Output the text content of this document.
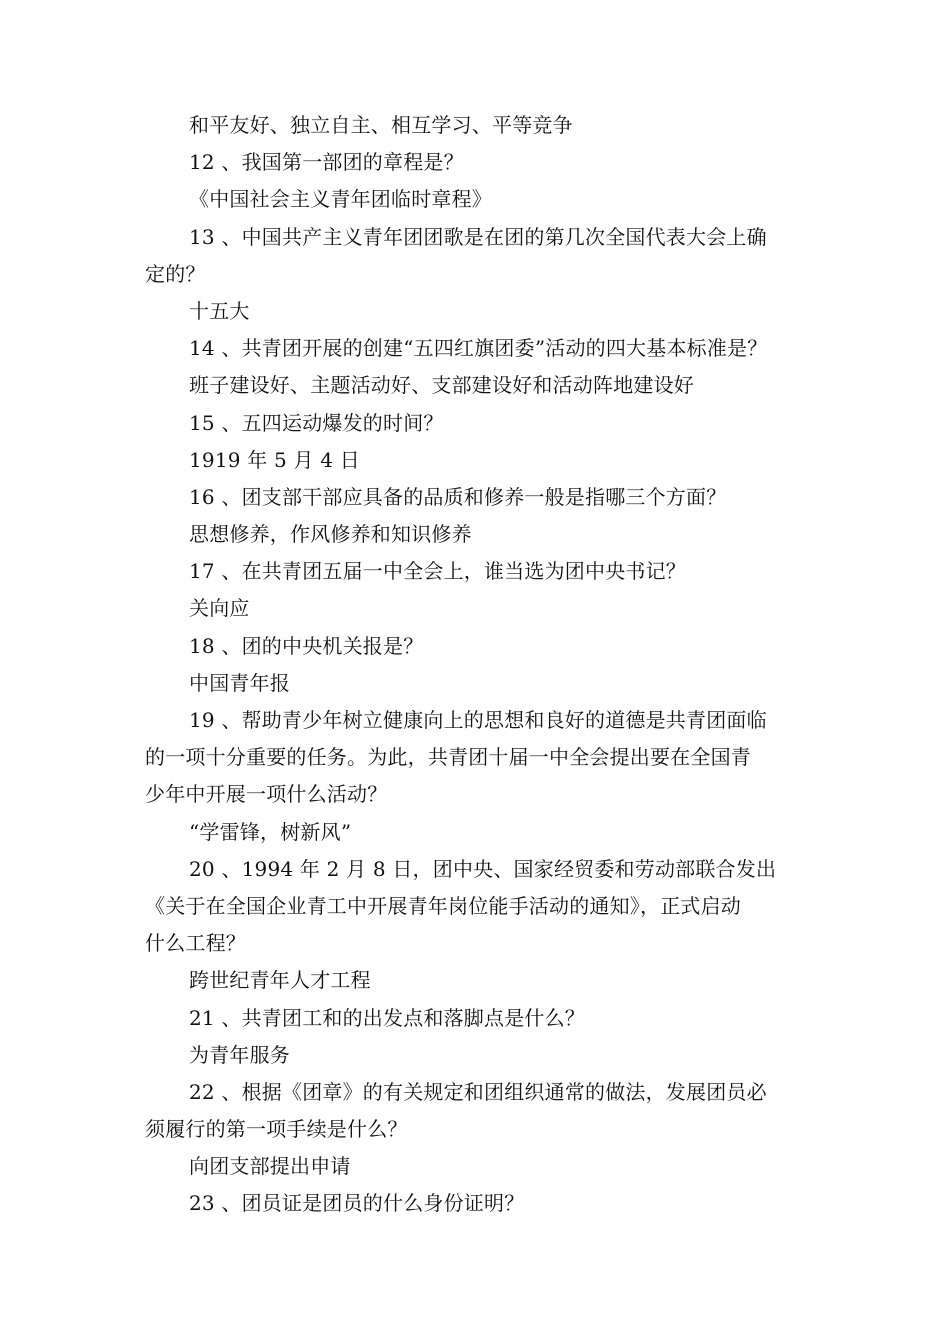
和平友好、独立自主、相互学习、平等竞争
12 、我国第一部团的章程是？
《中国社会主义青年团临时章程》
13 、中国共产主义青年团团歌是在团的第几次全国代表大会上确
定的？
十五大
14 、共青团开展的创建“五四红旗团委”活动的四大基本标准是？
班子建设好、主题活动好、支部建设好和活动阵地建设好
15 、五四运动爆发的时间？
1919 年 5 月 4 日
16 、团支部干部应具备的品质和修养一般是指哪三个方面？
思想修养，作风修养和知识修养
17 、在共青团五届一中全会上，谁当选为团中央书记？
关向应
18 、团的中央机关报是？
中国青年报
19 、帮助青少年树立健康向上的思想和良好的道德是共青团面临
的一项十分重要的任务。为此，共青团十届一中全会提出要在全国青
少年中开展一项什么活动？
“学雷锋，树新风”
20 、1994 年 2 月 8 日，团中央、国家经贸委和劳动部联合发出
《关于在全国企业青工中开展青年岗位能手活动的通知》，正式启动
什么工程？
跨世纪青年人才工程
21 、共青团工和的出发点和落脚点是什么？
为青年服务
22 、根据《团章》的有关规定和团组织通常的做法，发展团员必
须履行的第一项手续是什么？
向团支部提出申请
23 、团员证是团员的什么身份证明？
